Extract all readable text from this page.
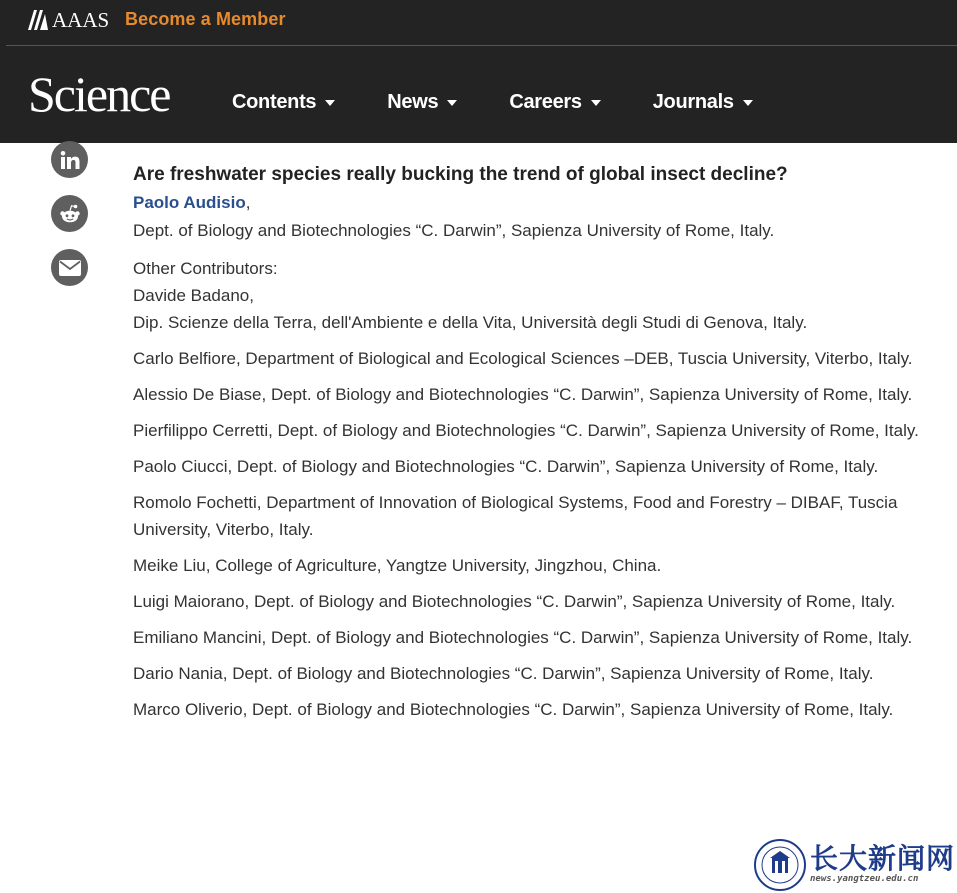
AAAS Become a Member
Science	Contents	News	Careers	Journals
Are freshwater species really bucking the trend of global insect decline?

Paolo Audisio,

Dept. of Biology and Biotechnologies “C. Darwin”, Sapienza University of Rome, Italy.

Other Contributors:

Davide Badano,
Dip. Scienze della Terra, dell'Ambiente e della Vita, Università degli Studi di Genova, Italy.

Carlo Belfiore, Department of Biological and Ecological Sciences –DEB, Tuscia University, Viterbo, Italy.

Alessio De Biase, Dept. of Biology and Biotechnologies “C. Darwin”, Sapienza University of Rome, Italy.

Pierfilippo Cerretti, Dept. of Biology and Biotechnologies “C. Darwin”, Sapienza University of Rome, Italy.

Paolo Ciucci, Dept. of Biology and Biotechnologies “C. Darwin”, Sapienza University of Rome, Italy.

Romolo Fochetti, Department of Innovation of Biological Systems, Food and Forestry – DIBAF, Tuscia University, Viterbo, Italy.

Meike Liu, College of Agriculture, Yangtze University, Jingzhou, China.

Luigi Maiorano, Dept. of Biology and Biotechnologies “C. Darwin”, Sapienza University of Rome, Italy.

Emiliano Mancini, Dept. of Biology and Biotechnologies “C. Darwin”, Sapienza University of Rome, Italy.

Dario Nania, Dept. of Biology and Biotechnologies “C. Darwin”, Sapienza University of Rome, Italy.

Marco Oliverio, Dept. of Biology and Biotechnologies “C. Darwin”, Sapienza University of Rome, Italy.

长大新闻网
news.yangtzeu.edu.cn
